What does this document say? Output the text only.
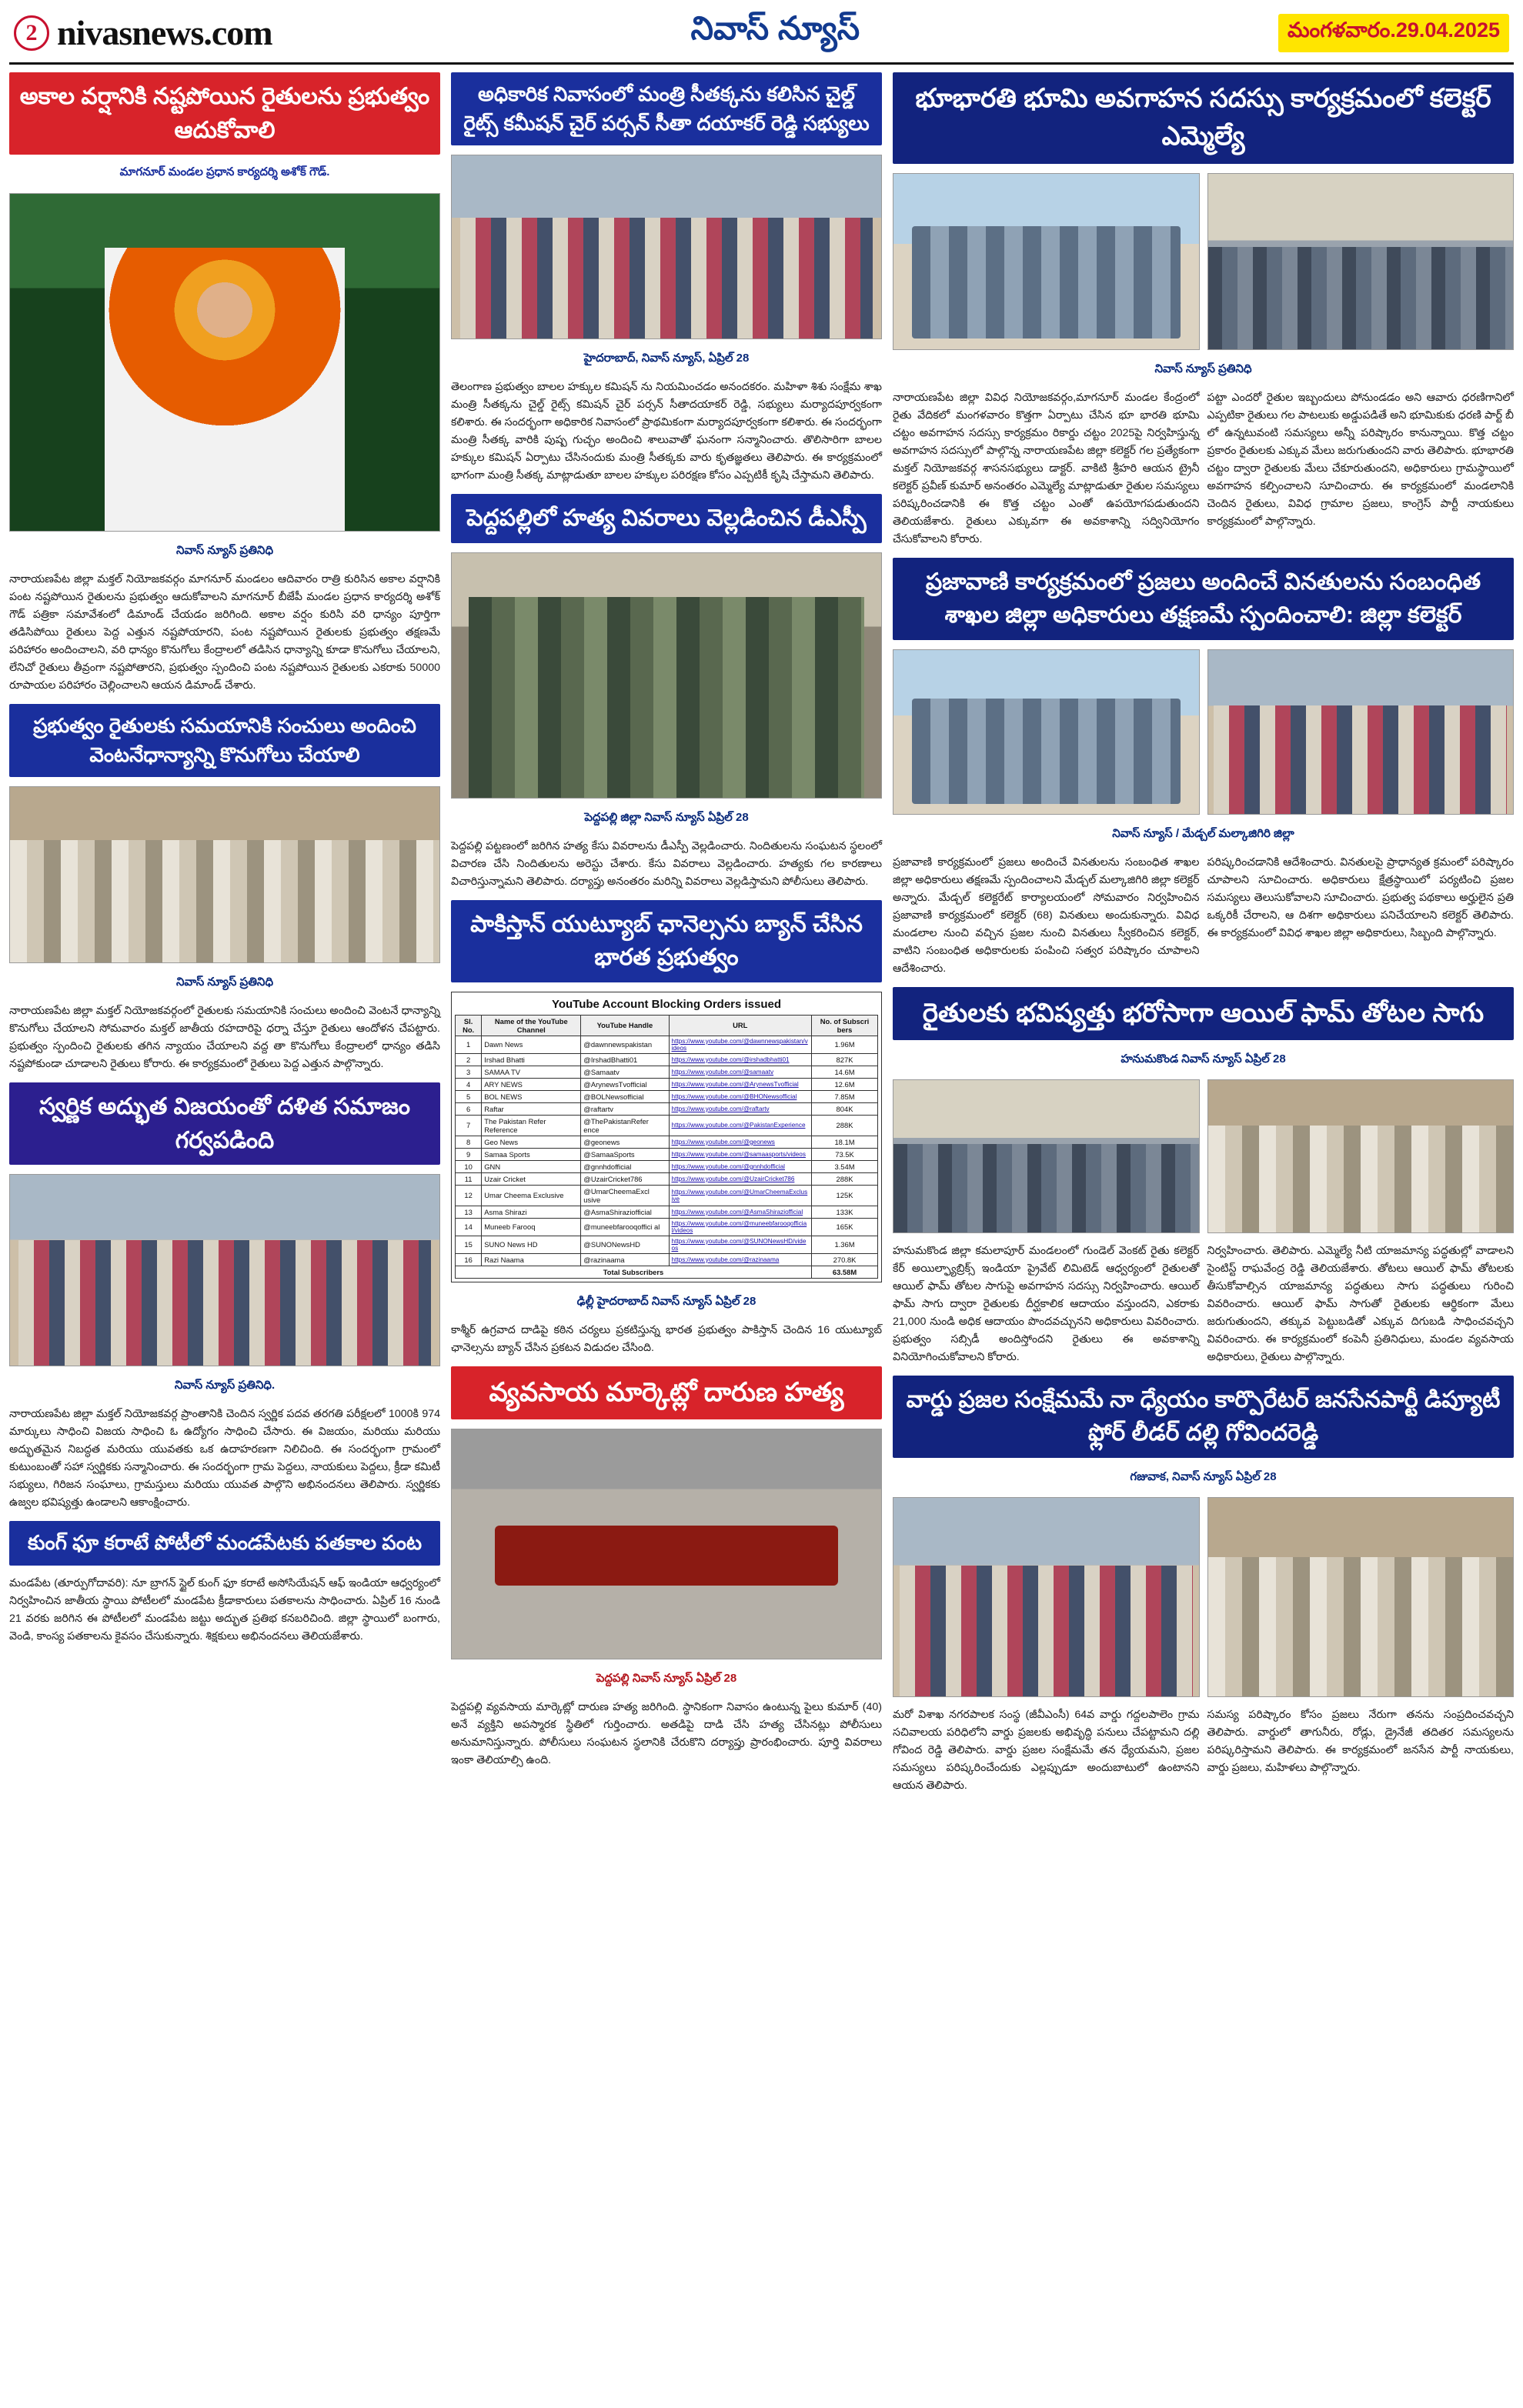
2 nivasnews.com	నివాస్ న్యూస్	మంగళవారం.29.04.2025
అకాల వర్షానికి నష్టపోయిన రైతులను ప్రభుత్వం ఆదుకోవాలి
మాగనూర్ మండల ప్రధాన కార్యదర్శి అశోక్ గౌడ్.
నివాస్ న్యూస్ ప్రతినిధి
నారాయణపేట జిల్లా మక్తల్ నియోజకవర్గం మాగనూర్ మండలం ఆదివారం రాత్రి కురిసిన అకాల వర్షానికి పంట నష్టపోయిన రైతులను ప్రభుత్వం ఆదుకోవాలని మాగనూర్ బీజేపీ మండల ప్రధాన కార్యదర్శి అశోక్ గౌడ్ పత్రికా సమావేశంలో డిమాండ్ చేయడం జరిగింది. అకాల వర్షం కురిసి వరి ధాన్యం పూర్తిగా తడిసిపోయి రైతులు పెద్ద ఎత్తున నష్టపోయారని, పంట నష్టపోయిన రైతులకు ప్రభుత్వం తక్షణమే పరిహారం అందించాలని, వరి ధాన్యం కొనుగోలు కేంద్రాలలో తడిసిన ధాన్యాన్ని కూడా కొనుగోలు చేయాలని, లేనిచో రైతులు తీవ్రంగా నష్టపోతారని, ప్రభుత్వం స్పందించి పంట నష్టపోయిన రైతులకు ఎకరాకు 50000 రూపాయల పరిహారం చెల్లించాలని ఆయన డిమాండ్ చేశారు.
ప్రభుత్వం రైతులకు సమయానికి సంచులు అందించి వెంటనేధాన్యాన్ని కొనుగోలు చేయాలి
నివాస్ న్యూస్ ప్రతినిధి
నారాయణపేట జిల్లా మక్తల్ నియోజకవర్గంలో రైతులకు సమయానికి సంచులు అందించి వెంటనే ధాన్యాన్ని కొనుగోలు చేయాలని సోమవారం మక్తల్ జాతీయ రహదారిపై ధర్నా చేస్తూ రైతులు ఆందోళన చేపట్టారు. ప్రభుత్వం స్పందించి రైతులకు తగిన న్యాయం చేయాలని వద్ద తా కొనుగోలు కేంద్రాలలో ధాన్యం తడిసి నష్టపోకుండా చూడాలని రైతులు కోరారు. ఈ కార్యక్రమంలో రైతులు పెద్ద ఎత్తున పాల్గొన్నారు.
స్వర్ణిక అద్భుత విజయంతో దళిత సమాజం గర్వపడింది
నివాస్ న్యూస్ ప్రతినిధి.
నారాయణపేట జిల్లా మక్తల్ నియోజకవర్గ ప్రాంతానికి చెందిన స్వర్ణిక పదవ తరగతి పరీక్షలలో 1000కి 974 మార్కులు సాధించి విజయ సాధించి ఓ ఉద్యోగం సాధించి చేసారు. ఈ విజయం, మరియు మరియు అద్భుతమైన నిబద్ధత మరియు యువతకు ఒక ఉదాహరణగా నిలిచింది. ఈ సందర్భంగా గ్రామంలో కుటుంబంతో సహా స్వర్ణికకు సన్మానించారు. ఈ సందర్భంగా గ్రామ పెద్దలు, నాయకులు పెద్దలు, క్రీడా కమిటీ సభ్యులు, గిరిజన సంఘాలు, గ్రామస్తులు మరియు యువత పాల్గొని అభినందనలు తెలిపారు. స్వర్ణికకు ఉజ్వల భవిష్యత్తు ఉండాలని ఆకాంక్షించారు.
కుంగ్ ఫూ కరాటే పోటీలో మండపేటకు పతకాల పంట
మండపేట (తూర్పుగోదావరి): నూ బ్రాగన్ స్టైల్ కుంగ్ ఫూ కరాటే అసోసియేషన్ ఆఫ్ ఇండియా ఆధ్వర్యంలో నిర్వహించిన జాతీయ స్థాయి పోటీలలో మండపేట క్రీడాకారులు పతకాలను సాధించారు. ఏప్రిల్ 16 నుండి 21 వరకు జరిగిన ఈ పోటీలలో మండపేట జట్టు అద్భుత ప్రతిభ కనబరిచింది. జిల్లా స్థాయిలో బంగారు, వెండి, కాంస్య పతకాలను కైవసం చేసుకున్నారు. శిక్షకులు అభినందనలు తెలియజేశారు.
అధికారిక నివాసంలో మంత్రి సీతక్కను కలిసిన చైల్డ్ రైట్స్ కమీషన్ చైర్ పర్సన్ సీతా దయాకర్ రెడ్డి సభ్యులు
హైదరాబాద్, నివాస్ న్యూస్, ఏప్రిల్ 28
తెలంగాణ ప్రభుత్వం బాలల హక్కుల కమిషన్ ను నియమించడం అనందకరం. మహిళా శిశు సంక్షేమ శాఖ మంత్రి సీతక్కను చైల్డ్ రైట్స్ కమిషన్ చైర్ పర్సన్ సీతాదయాకర్ రెడ్డి, సభ్యులు మర్యాదపూర్వకంగా కలిశారు. ఈ సందర్భంగా అధికారిక నివాసంలో ప్రాథమికంగా మర్యాదపూర్వకంగా కలిశారు. ఈ సందర్భంగా మంత్రి సీతక్క వారికి పుష్ప గుచ్ఛం అందించి శాలువాతో ఘనంగా సన్మానించారు. తొలిసారిగా బాలల హక్కుల కమిషన్ ఏర్పాటు చేసినందుకు మంత్రి సీతక్కకు వారు కృతజ్ఞతలు తెలిపారు. ఈ కార్యక్రమంలో భాగంగా మంత్రి సీతక్క మాట్లాడుతూ బాలల హక్కుల పరిరక్షణ కోసం ఎప్పటికీ కృషి చేస్తామని తెలిపారు.
పెద్దపల్లిలో హత్య వివరాలు వెల్లడించిన డీఎస్పీ
పెద్దపల్లి జిల్లా నివాస్ న్యూస్ ఏప్రిల్ 28
పెద్దపల్లి పట్టణంలో జరిగిన హత్య కేసు వివరాలను డీఎస్పీ వెల్లడించారు. నిందితులను సంఘటన స్థలంలో విచారణ చేసి నిందితులను అరెస్టు చేశారు. కేసు వివరాలు వెల్లడించారు. హత్యకు గల కారణాలు విచారిస్తున్నామని తెలిపారు. దర్యాప్తు అనంతరం మరిన్ని వివరాలు వెల్లడిస్తామని పోలీసులు తెలిపారు.
పాకిస్తాన్ యుట్యూబ్ ఛానెల్సను బ్యాన్ చేసిన భారత ప్రభుత్వం
YouTube Account Blocking Orders issued
Sl. No.	Name of the YouTube Channel	YouTube Handle	URL	No. of Subscri bers
1	Dawn News	@dawnnewspakistan	https://www.youtube.com/@dawnnewspakistan/videos	1.96M
2	Irshad Bhatti	@IrshadBhatti01	https://www.youtube.com/@irshadbhatti01	827K
3	SAMAA TV	@Samaatv	https://www.youtube.com/@samaatv	14.6M
4	ARY NEWS	@ArynewsTvofficial	https://www.youtube.com/@ArynewsTvofficial	12.6M
5	BOL NEWS	@BOLNewsofficial	https://www.youtube.com/@BHONewsofficial	7.85M
6	Raftar	@raftartv	https://www.youtube.com/@raftartv	804K
7	The Pakistan Refer Reference	@ThePakistanRefer ence	https://www.youtube.com/@PakistanExperience	288K
8	Geo News	@geonews	https://www.youtube.com/@geonews	18.1M
9	Samaa Sports	@SamaaSports	https://www.youtube.com/@samaasports/videos	73.5K
10	GNN	@gnnhdofficial	https://www.youtube.com/@gnnhdofficial	3.54M
11	Uzair Cricket	@UzairCricket786	https://www.youtube.com/@UzairCricket786	288K
12	Umar Cheema Exclusive	@UmarCheemaExcl usive	https://www.youtube.com/@UmarCheemaExclusive	125K
13	Asma Shirazi	@AsmaShiraziofficial	https://www.youtube.com/@AsmaShiraziofficial	133K
14	Muneeb Farooq	@muneebfarooqoffici al	https://www.youtube.com/@muneebfarooqofficial/videos	165K
15	SUNO News HD	@SUNONewsHD	https://www.youtube.com/@SUNONewsHD/videos	1.36M
16	Razi Naama	@razinaama	https://www.youtube.com/@razinaama	270.8K
Total Subscribers				63.58M
ఢిల్లీ హైదరాబాద్ నివాస్ న్యూస్ ఏప్రిల్ 28
కాశ్మీర్ ఉగ్రవాద దాడిపై కఠిన చర్యలు ప్రకటిస్తున్న భారత ప్రభుత్వం పాకిస్తాన్ చెందిన 16 యుట్యూబ్ ఛానెల్సను బ్యాన్ చేసిన ప్రకటన విడుదల చేసింది.
వ్యవసాయ మార్కెట్లో దారుణ హత్య
పెద్దపల్లి నివాస్ న్యూస్ ఏప్రిల్ 28
పెద్దపల్లి వ్యవసాయ మార్కెట్లో దారుణ హత్య జరిగింది. స్థానికంగా నివాసం ఉంటున్న పైలు కుమార్ (40) అనే వ్యక్తిని అపస్మారక స్థితిలో గుర్తించారు. అతడిపై దాడి చేసి హత్య చేసినట్లు పోలీసులు అనుమానిస్తున్నారు. పోలీసులు సంఘటన స్థలానికి చేరుకొని దర్యాప్తు ప్రారంభించారు. పూర్తి వివరాలు ఇంకా తెలియాల్సి ఉంది.
భూభారతి భూమి అవగాహన సదస్సు కార్యక్రమంలో కలెక్టర్ ఎమ్మెల్యే
నివాస్ న్యూస్ ప్రతినిధి
నారాయణపేట జిల్లా వివిధ నియోజకవర్గం,మాగనూర్ మండల కేంద్రంలో రైతు వేదికలో మంగళవారం కొత్తగా ఏర్పాటు చేసిన భూ భారతి భూమి చట్టం అవగాహన సదస్సు కార్యక్రమం రికార్డు చట్టం 2025పై నిర్వహిస్తున్న అవగాహన సదస్సులో పాల్గొన్న నారాయణపేట జిల్లా కలెక్టర్ గల ప్రత్యేకంగా మక్తల్ నియోజకవర్గ శాసనసభ్యులు డాక్టర్. వాకిటి శ్రీహరి ఆయన ట్రైనీ కలెక్టర్ ప్రవీణ్ కుమార్ అనంతరం ఎమ్మెల్యే మాట్లాడుతూ రైతుల సమస్యలు పరిష్కరించడానికి ఈ కొత్త చట్టం ఎంతో ఉపయోగపడుతుందని తెలియజేశారు. రైతులు ఎక్కువగా ఈ అవకాశాన్ని సద్వినియోగం చేసుకోవాలని కోరారు.
పట్టా ఎందరో రైతుల ఇబ్బందులు పోనుండడం అని ఆవారు ధరణిగానిలో ఎప్పటికా రైతులు గల పాటలుకు అడ్డుపడితే అని భూమికుకు ధరణి పార్ట్ బీ లో ఉన్నటువంటి సమస్యలు అన్నీ పరిష్కారం కానున్నాయి. కొత్త చట్టం ప్రకారం రైతులకు ఎక్కువ మేలు జరుగుతుందని వారు తెలిపారు. భూభారతి చట్టం ద్వారా రైతులకు మేలు చేకూరుతుందని, అధికారులు గ్రామస్థాయిలో అవగాహన కల్పించాలని సూచించారు. ఈ కార్యక్రమంలో మండలానికి చెందిన రైతులు, వివిధ గ్రామాల ప్రజలు, కాంగ్రెస్ పార్టీ నాయకులు కార్యక్రమంలో పాల్గొన్నారు.
ప్రజావాణి కార్యక్రమంలో ప్రజలు అందించే వినతులను సంబంధిత శాఖల జిల్లా అధికారులు తక్షణమే స్పందించాలి: జిల్లా కలెక్టర్
నివాస్ న్యూస్ / మేడ్చల్ మల్కాజిగిరి జిల్లా
ప్రజావాణి కార్యక్రమంలో ప్రజలు అందించే వినతులను సంబంధిత శాఖల జిల్లా అధికారులు తక్షణమే స్పందించాలని మేడ్చల్ మల్కాజిగిరి జిల్లా కలెక్టర్ అన్నారు. మేడ్చల్ కలెక్టరేట్ కార్యాలయంలో సోమవారం నిర్వహించిన ప్రజావాణి కార్యక్రమంలో కలెక్టర్ (68) వినతులు అందుకున్నారు. వివిధ మండలాల నుంచి వచ్చిన ప్రజల నుంచి వినతులు స్వీకరించిన కలెక్టర్, వాటిని సంబంధిత అధికారులకు పంపించి సత్వర పరిష్కారం చూపాలని ఆదేశించారు.
పరిష్కరించడానికి ఆదేశించారు. వినతులపై ప్రాధాన్యత క్రమంలో పరిష్కారం చూపాలని సూచించారు. అధికారులు క్షేత్రస్థాయిలో పర్యటించి ప్రజల సమస్యలు తెలుసుకోవాలని సూచించారు. ప్రభుత్వ పథకాలు అర్హులైన ప్రతి ఒక్కరికీ చేరాలని, ఆ దిశగా అధికారులు పనిచేయాలని కలెక్టర్ తెలిపారు. ఈ కార్యక్రమంలో వివిధ శాఖల జిల్లా అధికారులు, సిబ్బంది పాల్గొన్నారు.
రైతులకు భవిష్యత్తు భరోసాగా ఆయిల్ ఫామ్ తోటల సాగు
హనుమకొండ నివాస్ న్యూస్ ఏప్రిల్ 28
హనుమకొండ జిల్లా కమలాపూర్ మండలంలో గుండెల్ వెంకట్ రైతు కలెక్టర్ కేర్ అయిల్ఫ్యాబ్రిక్స్ ఇండియా ప్రైవేట్ లిమిటెడ్ ఆధ్వర్యంలో రైతులతో ఆయిల్ ఫామ్ తోటల సాగుపై అవగాహన సదస్సు నిర్వహించారు. ఆయిల్ ఫామ్ సాగు ద్వారా రైతులకు దీర్ఘకాలిక ఆదాయం వస్తుందని, ఎకరాకు 21,000 నుండి అధిక ఆదాయం పొందవచ్చునని అధికారులు వివరించారు. ప్రభుత్వం సబ్సిడీ అందిస్తోందని రైతులు ఈ అవకాశాన్ని వినియోగించుకోవాలని కోరారు.
నిర్వహించారు. తెలిపారు. ఎమ్మెల్యే నీటి యాజమాన్య పద్ధతుల్లో వాడాలని సైంటిస్ట్ రాఘవేంద్ర రెడ్డి తెలియజేశారు. తోటలు ఆయిల్ ఫామ్ తోటలకు తీసుకోవాల్సిన యాజమాన్య పద్ధతులు సాగు పద్ధతులు గురించి వివరించారు. ఆయిల్ ఫామ్ సాగుతో రైతులకు ఆర్థికంగా మేలు జరుగుతుందని, తక్కువ పెట్టుబడితో ఎక్కువ దిగుబడి సాధించవచ్చని వివరించారు. ఈ కార్యక్రమంలో కంపెనీ ప్రతినిధులు, మండల వ్యవసాయ అధికారులు, రైతులు పాల్గొన్నారు.
వార్డు ప్రజల సంక్షేమమే నా ధ్యేయం కార్పొరేటర్ జనసేనపార్టీ డిప్యూటీ ఫ్లోర్ లీడర్ దల్లి గోవిందరెడ్డి
గజువాక, నివాస్ న్యూస్ ఏప్రిల్ 28
మరో విశాఖ నగరపాలక సంస్థ (జీవీఎంసీ) 64వ వార్డు గద్దలపాలెం గ్రామ సచివాలయ పరిధిలోని వార్డు ప్రజలకు అభివృద్ధి పనులు చేపట్టామని దల్లి గోవింద రెడ్డి తెలిపారు. వార్డు ప్రజల సంక్షేమమే తన ధ్యేయమని, ప్రజల సమస్యలు పరిష్కరించేందుకు ఎల్లప్పుడూ అందుబాటులో ఉంటానని ఆయన తెలిపారు.
సమస్య పరిష్కారం కోసం ప్రజలు నేరుగా తనను సంప్రదించవచ్చని తెలిపారు. వార్డులో తాగునీరు, రోడ్లు, డ్రైనేజీ తదితర సమస్యలను పరిష్కరిస్తామని తెలిపారు. ఈ కార్యక్రమంలో జనసేన పార్టీ నాయకులు, వార్డు ప్రజలు, మహిళలు పాల్గొన్నారు.
